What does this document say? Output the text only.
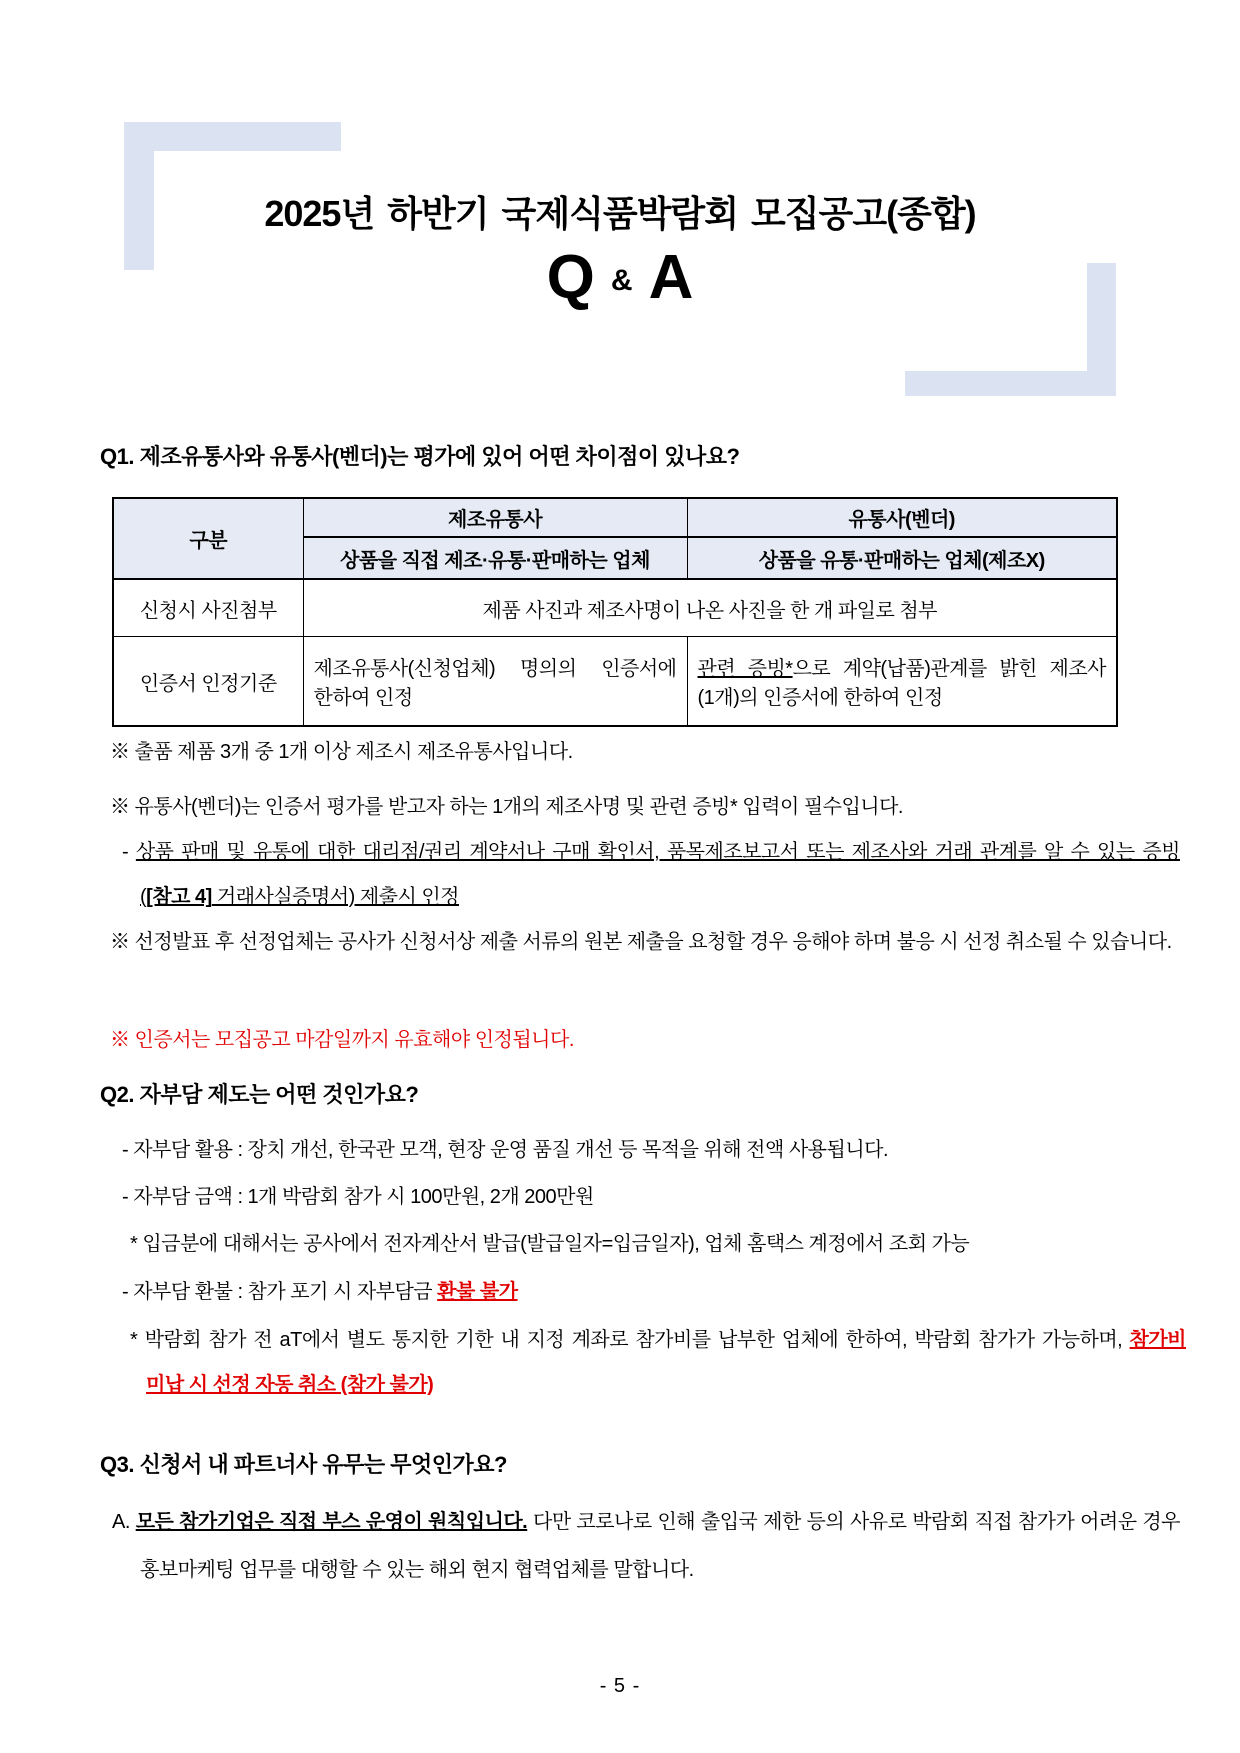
2025년 하반기 국제식품박람회 모집공고(종합)
Q & A
Q1. 제조유통사와 유통사(벤더)는 평가에 있어 어떤 차이점이 있나요?
구분	제조유통사	유통사(벤더)
	상품을 직접 제조·유통·판매하는 업체	상품을 유통·판매하는 업체(제조X)
신청시 사진첨부	제품 사진과 제조사명이 나온 사진을 한 개 파일로 첨부	
인증서 인정기준	제조유통사(신청업체) 명의의 인증서에 한하여 인정	관련 증빙*으로 계약(납품)관계를 밝힌 제조사(1개)의 인증서에 한하여 인정

※ 출품 제품 3개 중 1개 이상 제조시 제조유통사입니다.

※ 유통사(벤더)는 인증서 평가를 받고자 하는 1개의 제조사명 및 관련 증빙* 입력이 필수입니다.

- 상품 판매 및 유통에 대한 대리점/권리 계약서나 구매 확인서, 품목제조보고서 또는 제조사와 거래 관계를 알 수 있는 증빙([참고 4] 거래사실증명서) 제출시 인정

※ 선정발표 후 선정업체는 공사가 신청서상 제출 서류의 원본 제출을 요청할 경우 응해야 하며 불응 시 선정 취소될 수 있습니다.

※ 인증서는 모집공고 마감일까지 유효해야 인정됩니다.

Q2. 자부담 제도는 어떤 것인가요?

- 자부담 활용 : 장치 개선, 한국관 모객, 현장 운영 품질 개선 등 목적을 위해 전액 사용됩니다.

- 자부담 금액 : 1개 박람회 참가 시 100만원, 2개 200만원

* 입금분에 대해서는 공사에서 전자계산서 발급(발급일자=입금일자), 업체 홈택스 계정에서 조회 가능

- 자부담 환불 : 참가 포기 시 자부담금 환불 불가

* 박람회 참가 전 aT에서 별도 통지한 기한 내 지정 계좌로 참가비를 납부한 업체에 한하여, 박람회 참가가 가능하며, 참가비 미납 시 선정 자동 취소 (참가 불가)

Q3. 신청서 내 파트너사 유무는 무엇인가요?

A. 모든 참가기업은 직접 부스 운영이 원칙입니다. 다만 코로나로 인해 출입국 제한 등의 사유로 박람회 직접 참가가 어려운 경우 홍보마케팅 업무를 대행할 수 있는 해외 현지 협력업체를 말합니다.

- 5 -
